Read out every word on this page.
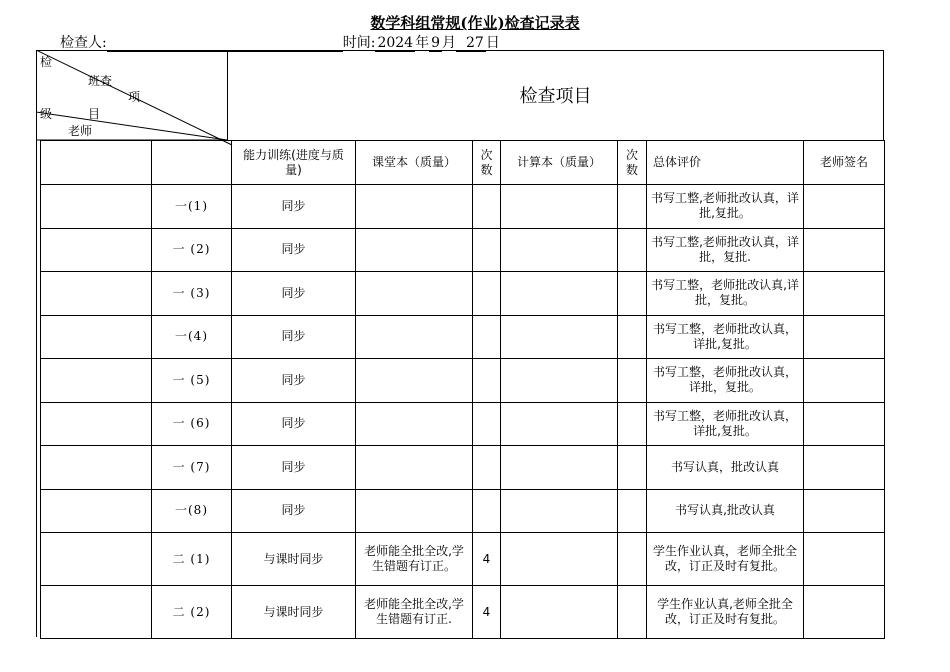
数学科组常规(作业)检查记录表
检查人:	时间: 2024 年 9 月 27 日
检查项目
检
班查
项
级	目
老师
		能力训练(进度与质量)	课堂本（质量）	次数	计算本（质量）	次数	总体评价	老师签名
	一(1)	同步					书写工整,老师批改认真，详批,复批。	
	一 (2)	同步					书写工整,老师批改认真，详批，复批.	
	一 (3)	同步					书写工整，老师批改认真,详批，复批。	
	一(4)	同步					书写工整，老师批改认真，详批,复批。	
	一 (5)	同步					书写工整，老师批改认真，详批，复批。	
	一 (6)	同步					书写工整，老师批改认真，详批,复批。	
	一 (7)	同步					书写认真，批改认真	
	一(8)	同步					书写认真,批改认真	
	二 (1)	与课时同步	老师能全批全改,学生错题有订正。	4			学生作业认真，老师全批全改，订正及时有复批。	
	二 (2)	与课时同步	老师能全批全改,学生错题有订正.	4			学生作业认真,老师全批全改，订正及时有复批。	
